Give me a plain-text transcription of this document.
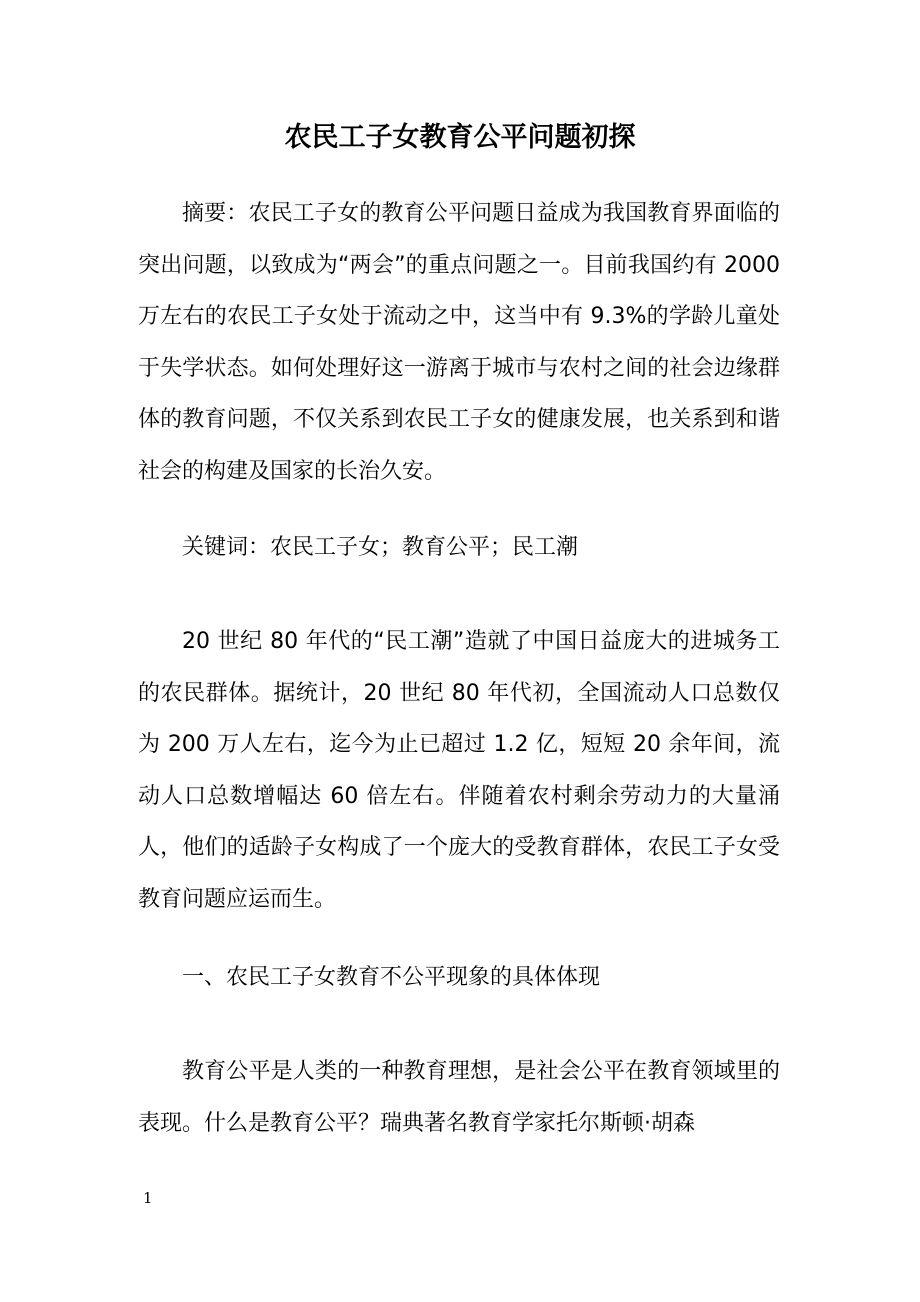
农民工子女教育公平问题初探

摘要：农民工子女的教育公平问题日益成为我国教育界面临的突出问题，以致成为“两会”的重点问题之一。目前我国约有 2000 万左右的农民工子女处于流动之中，这当中有 9.3%的学龄儿童处于失学状态。如何处理好这一游离于城市与农村之间的社会边缘群体的教育问题，不仅关系到农民工子女的健康发展，也关系到和谐社会的构建及国家的长治久安。

关键词：农民工子女；教育公平；民工潮

20 世纪 80 年代的“民工潮”造就了中国日益庞大的进城务工的农民群体。据统计，20 世纪 80 年代初，全国流动人口总数仅为 200 万人左右，迄今为止已超过 1.2 亿，短短 20 余年间，流动人口总数增幅达 60 倍左右。伴随着农村剩余劳动力的大量涌人，他们的适龄子女构成了一个庞大的受教育群体，农民工子女受教育问题应运而生。

一、农民工子女教育不公平现象的具体体现

教育公平是人类的一种教育理想，是社会公平在教育领域里的表现。什么是教育公平？瑞典著名教育学家托尔斯顿·胡森

1
